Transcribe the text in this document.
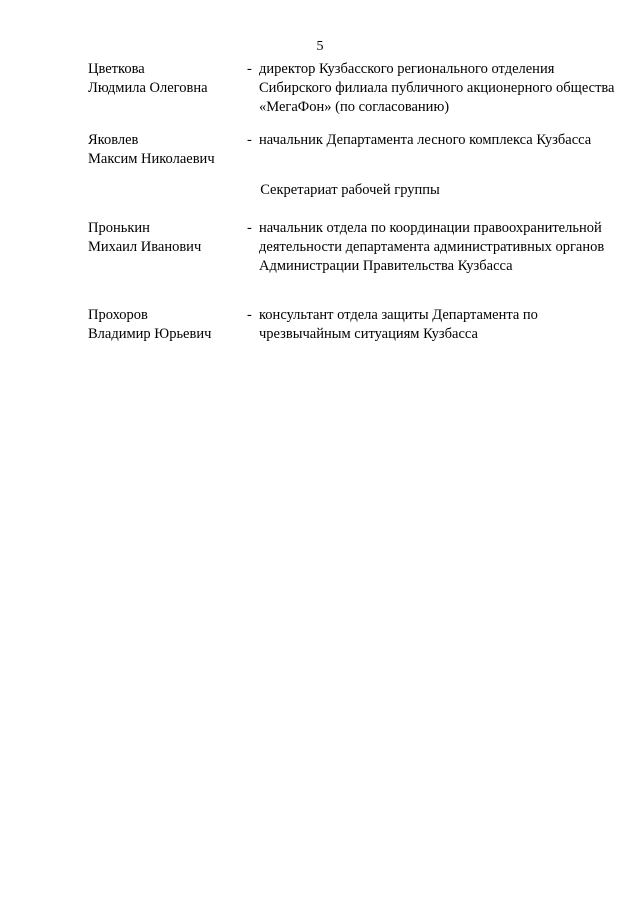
5
Цветкова
Людмила Олеговна
- директор Кузбасского регионального отделения Сибирского филиала публичного акционерного общества «МегаФон» (по согласованию)
Яковлев
Максим Николаевич
- начальник Департамента лесного комплекса Кузбасса
Секретариат рабочей группы
Пронькин
Михаил Иванович
- начальник отдела по координации правоохранительной деятельности департамента административных органов Администрации Правительства Кузбасса
Прохоров
Владимир Юрьевич
- консультант отдела защиты Департамента по чрезвычайным ситуациям Кузбасса
